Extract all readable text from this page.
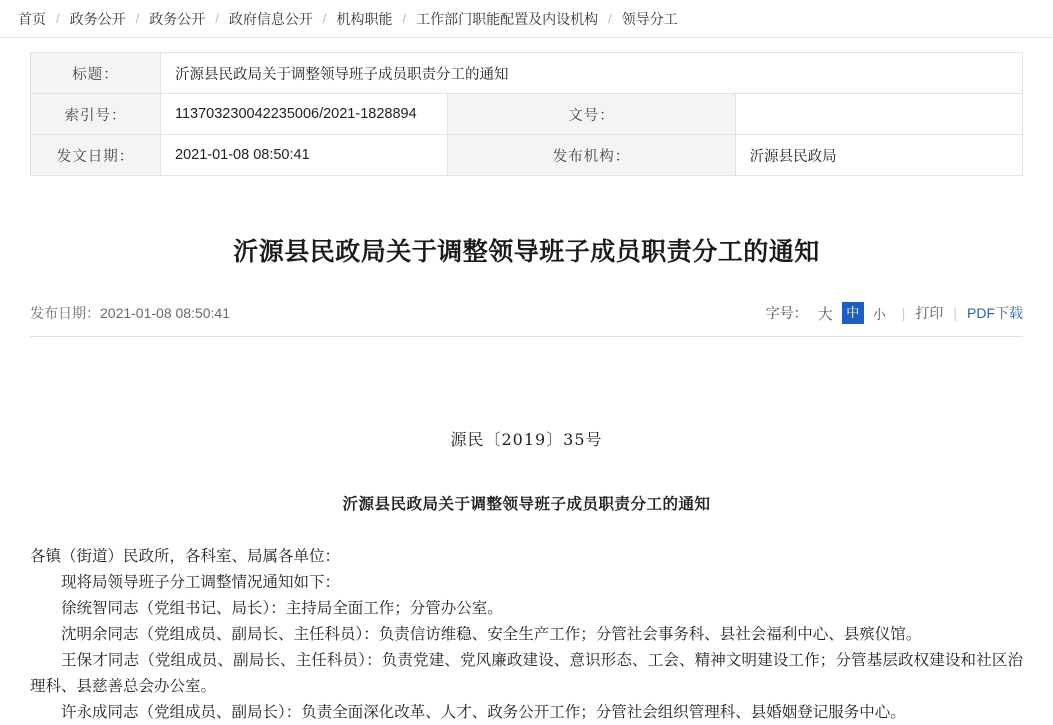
首页 / 政务公开 / 政务公开 / 政府信息公开 / 机构职能 / 工作部门职能配置及内设机构 / 领导分工
标题：	沂源县民政局关于调整领导班子成员职责分工的通知		
索引号：	113703230042235006/2021-1828894	文号：	
发文日期：	2021-01-08 08:50:41	发布机构：	沂源县民政局
沂源县民政局关于调整领导班子成员职责分工的通知
发布日期：2021-01-08 08:50:41	字号： 大	中	小	| 打印 | PDF下载
源民〔2019〕35号
沂源县民政局关于调整领导班子成员职责分工的通知

各镇（街道）民政所，各科室、局属各单位：

现将局领导班子分工调整情况通知如下：

徐统智同志（党组书记、局长）：主持局全面工作；分管办公室。

沈明余同志（党组成员、副局长、主任科员）：负责信访维稳、安全生产工作；分管社会事务科、县社会福利中心、县殡仪馆。

王保才同志（党组成员、副局长、主任科员）：负责党建、党风廉政建设、意识形态、工会、精神文明建设工作；分管基层政权建设和社区治理科、县慈善总会办公室。

许永成同志（党组成员、副局长）：负责全面深化改革、人才、政务公开工作；分管社会组织管理科、县婚姻登记服务中心。
